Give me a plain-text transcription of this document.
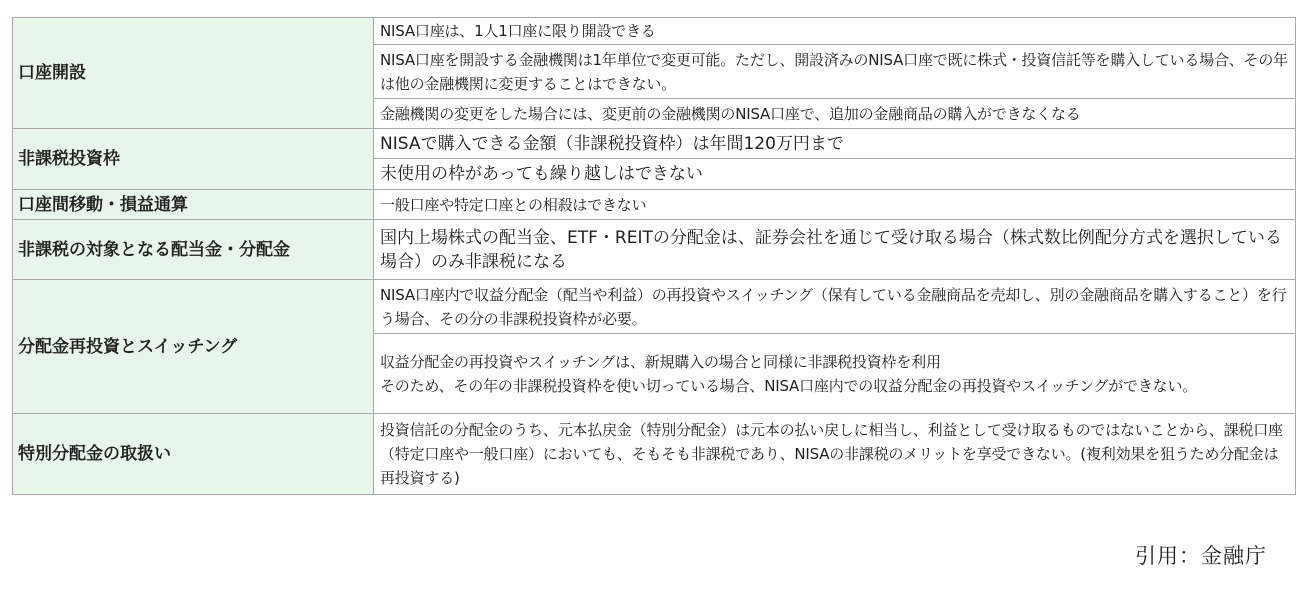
口座開設	NISA口座は、1人1口座に限り開設できる
	NISA口座を開設する金融機関は1年単位で変更可能。ただし、開設済みのNISA口座で既に株式・投資信託等を購入している場合、その年は他の金融機関に変更することはできない。
	金融機関の変更をした場合には、変更前の金融機関のNISA口座で、追加の金融商品の購入ができなくなる
非課税投資枠	NISAで購入できる金額（非課税投資枠）は年間120万円まで
	未使用の枠があっても繰り越しはできない
口座間移動・損益通算	一般口座や特定口座との相殺はできない
非課税の対象となる配当金・分配金	国内上場株式の配当金、ETF・REITの分配金は、証券会社を通じて受け取る場合（株式数比例配分方式を選択している場合）のみ非課税になる
分配金再投資とスイッチング	NISA口座内で収益分配金（配当や利益）の再投資やスイッチング（保有している金融商品を売却し、別の金融商品を購入すること）を行う場合、その分の非課税投資枠が必要。

	収益分配金の再投資やスイッチングは、新規購入の場合と同様に非課税投資枠を利用
そのため、その年の非課税投資枠を使い切っている場合、NISA口座内での収益分配金の再投資やスイッチングができない。

特別分配金の取扱い	投資信託の分配金のうち、元本払戻金（特別分配金）は元本の払い戻しに相当し、利益として受け取るものではないことから、課税口座（特定口座や一般口座）においても、そもそも非課税であり、NISAの非課税のメリットを享受できない。(複利効果を狙うため分配金は再投資する)
引用：金融庁
